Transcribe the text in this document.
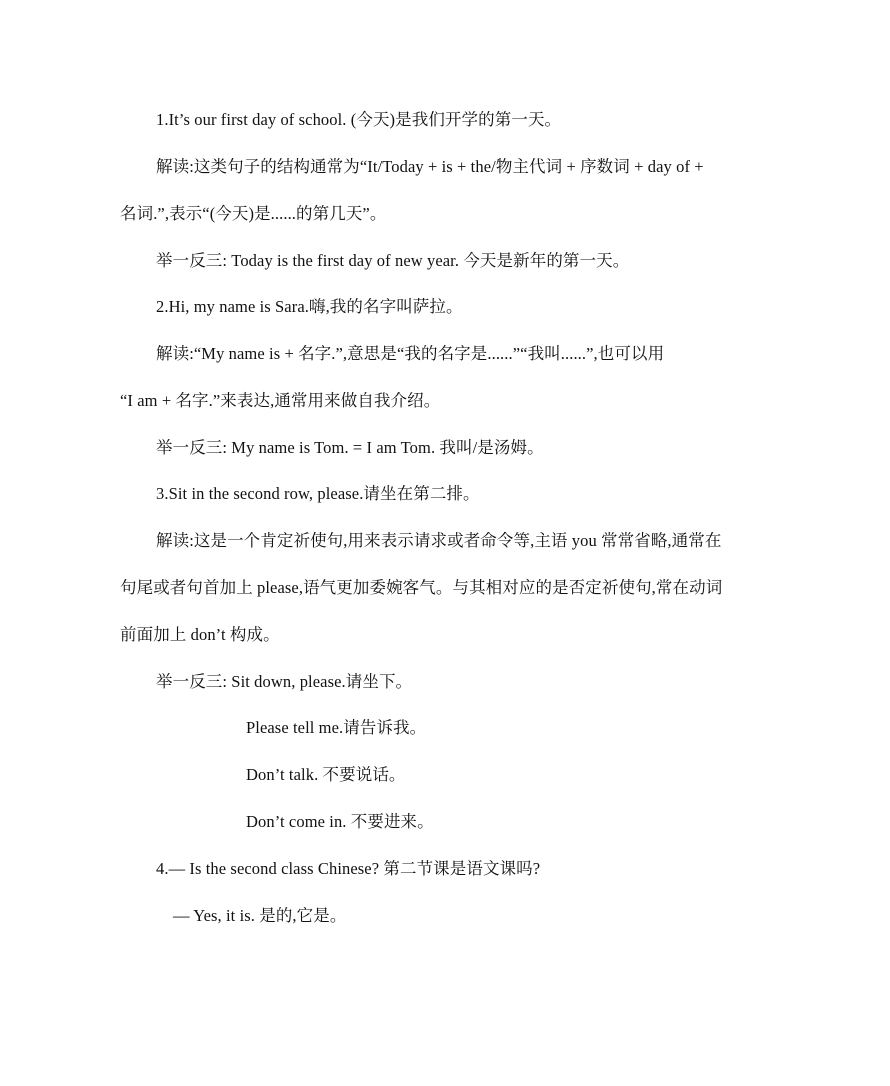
1.It’s our first day of school. (今天)是我们开学的第一天。
解读:这类句子的结构通常为“It/Today + is + the/物主代词 + 序数词 + day of +
名词.”,表示“(今天)是......的第几天”。
举一反三: Today is the first day of new year. 今天是新年的第一天。
2.Hi, my name is Sara.嗨,我的名字叫萨拉。
解读:“My name is + 名字.”,意思是“我的名字是......”“我叫......”,也可以用
“I am + 名字.”来表达,通常用来做自我介绍。
举一反三: My name is Tom. = I am Tom. 我叫/是汤姆。
3.Sit in the second row, please.请坐在第二排。
解读:这是一个肯定祈使句,用来表示请求或者命令等,主语 you 常常省略,通常在
句尾或者句首加上 please,语气更加委婉客气。与其相对应的是否定祈使句,常在动词
前面加上 don’t 构成。
举一反三: Sit down, please.请坐下。
Please tell me.请告诉我。
Don’t talk. 不要说话。
Don’t come in. 不要进来。
4.— Is the second class Chinese? 第二节课是语文课吗?
— Yes, it is. 是的,它是。
